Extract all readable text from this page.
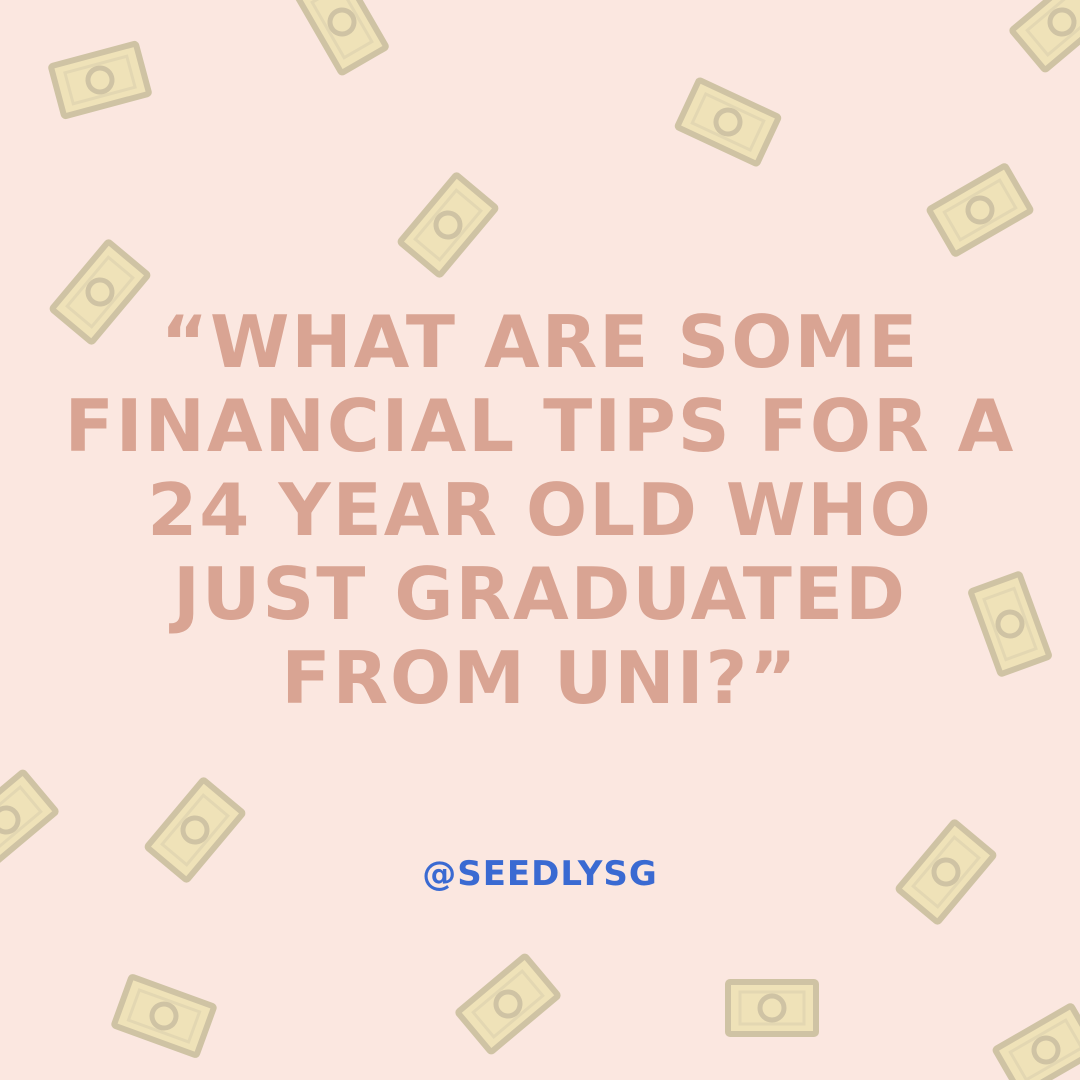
“WHAT ARE SOME
FINANCIAL TIPS FOR A
24 YEAR OLD WHO
JUST GRADUATED
FROM UNI?”
@SEEDLYSG
